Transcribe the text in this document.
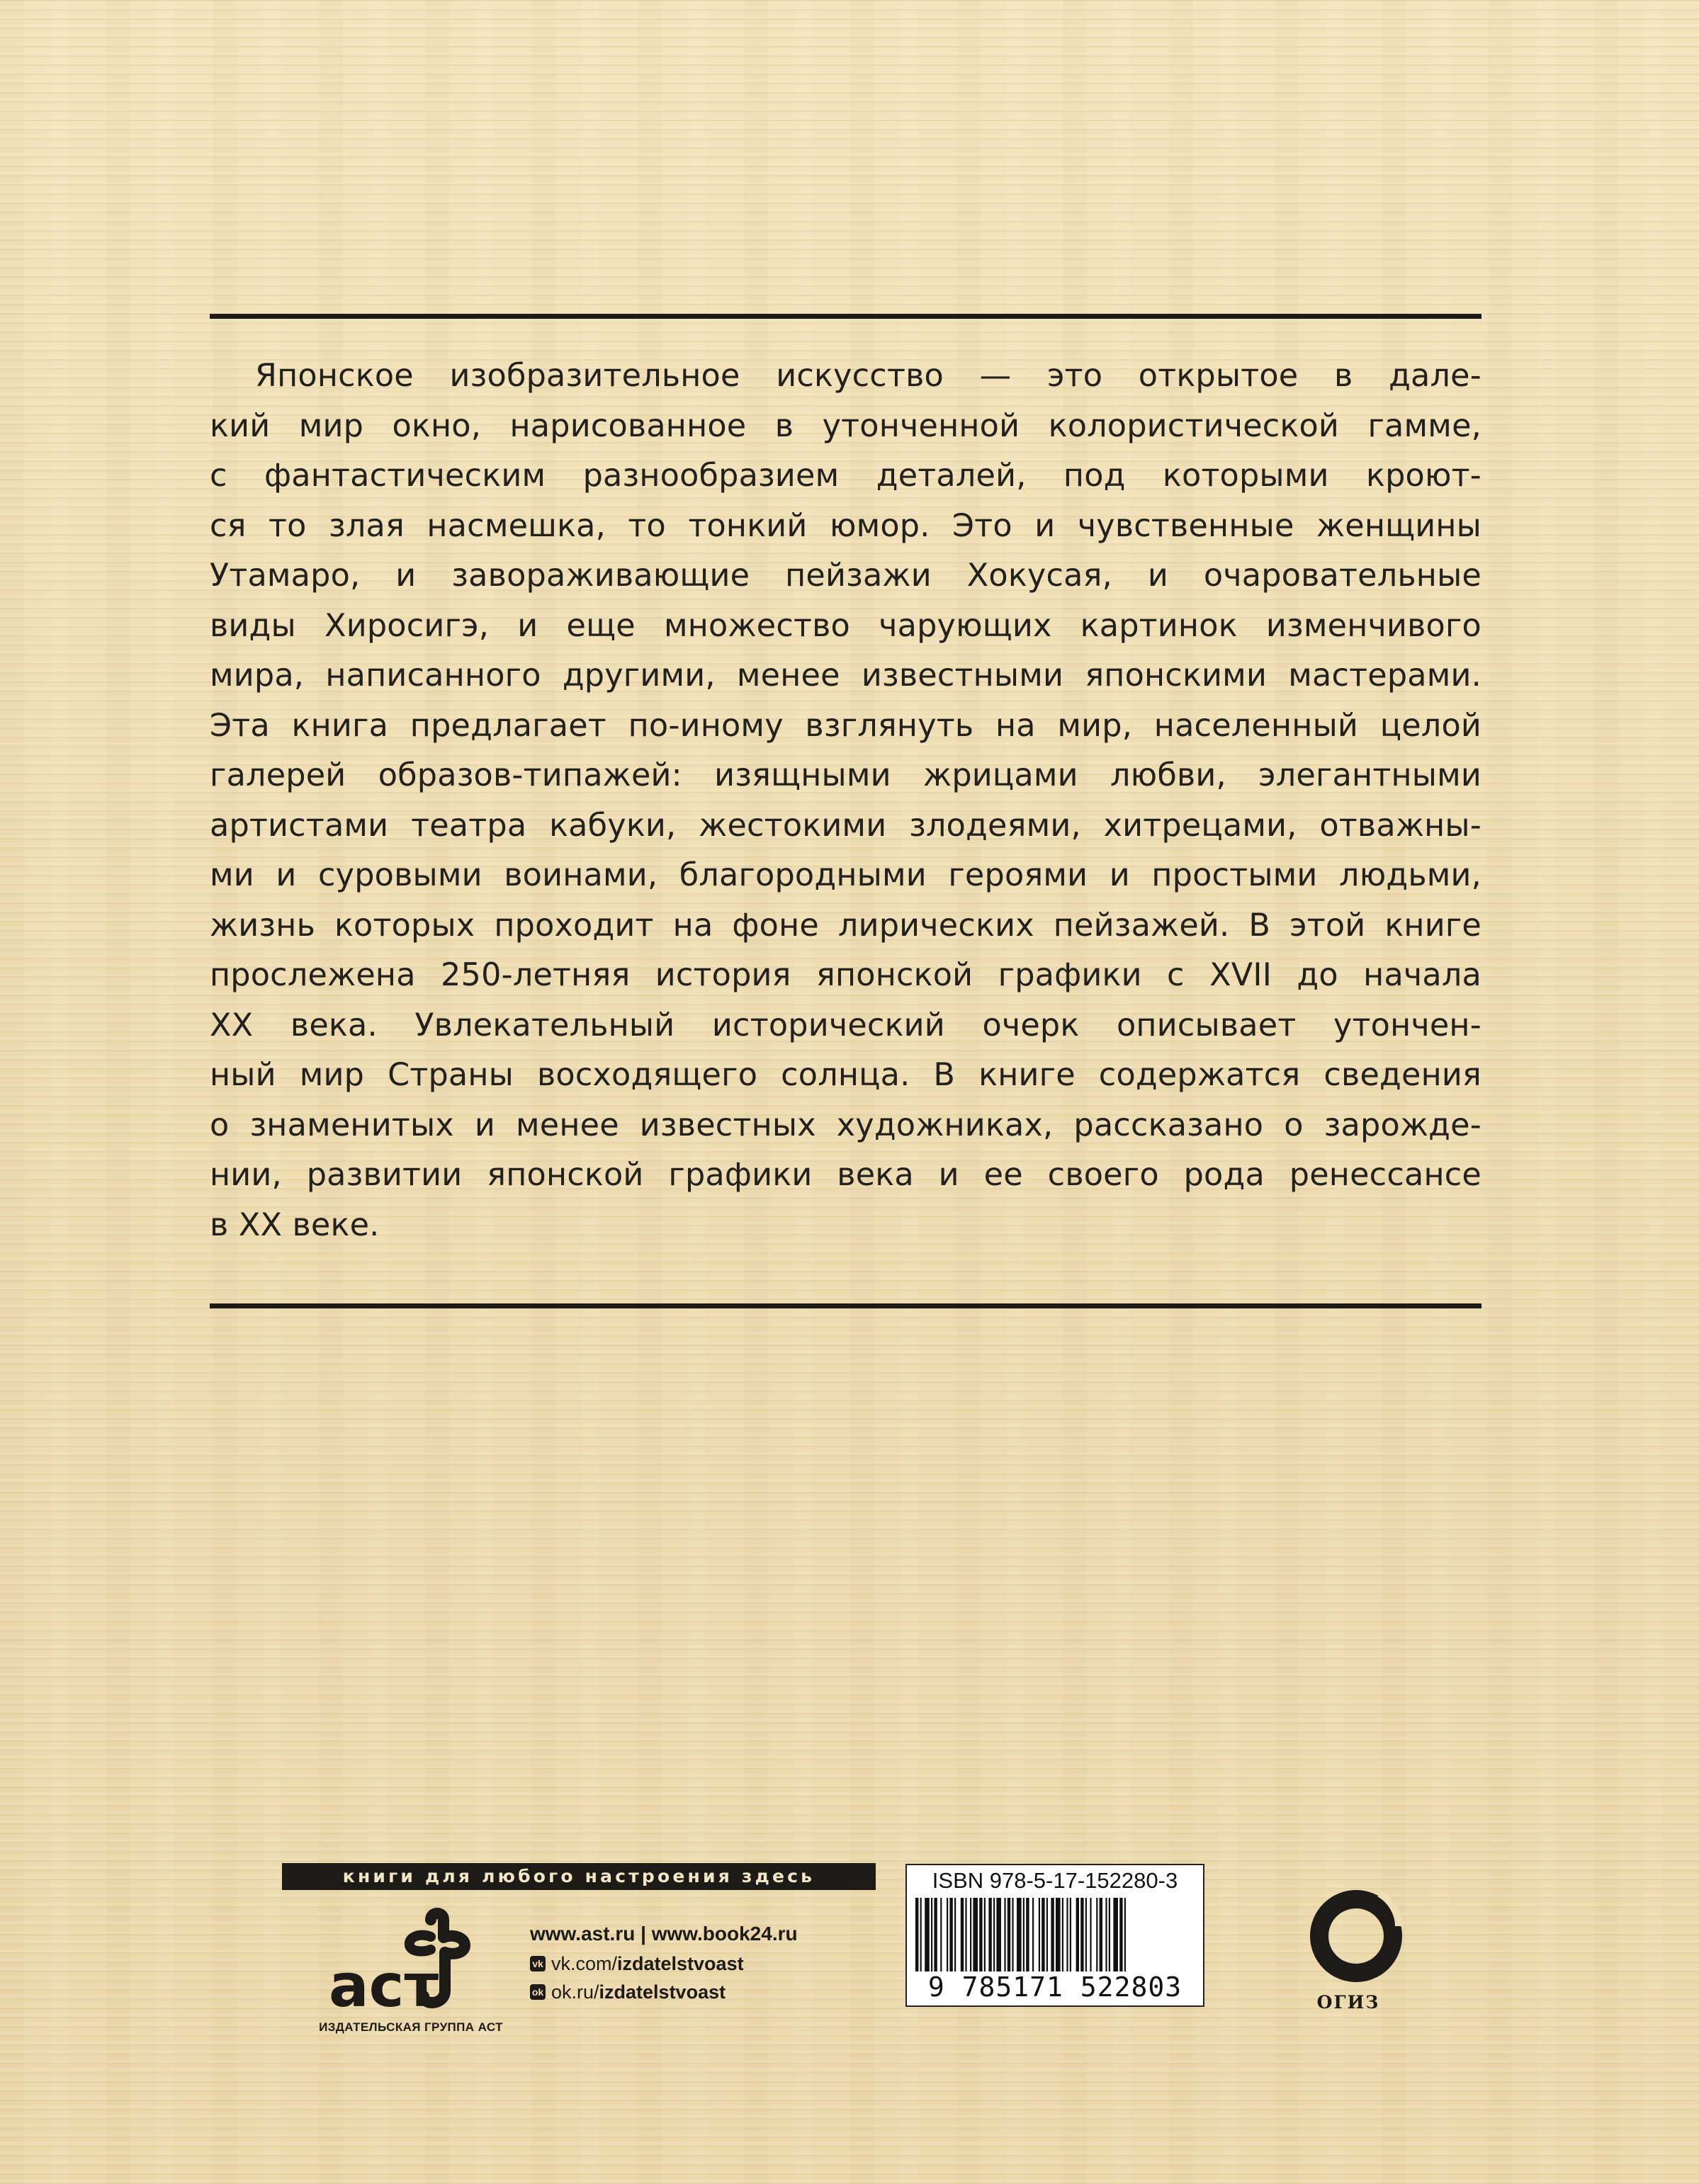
Японское изобразительное искусство — это открытое в дале-
кий мир окно, нарисованное в утонченной колористической гамме,
с фантастическим разнообразием деталей, под которыми кроют-
ся то злая насмешка, то тонкий юмор. Это и чувственные женщины
Утамаро, и завораживающие пейзажи Хокусая, и очаровательные
виды Хиросигэ, и еще множество чарующих картинок изменчивого
мира, написанного другими, менее известными японскими мастерами.
Эта книга предлагает по-иному взглянуть на мир, населенный целой
галерей образов-типажей: изящными жрицами любви, элегантными
артистами театра кабуки, жестокими злодеями, хитрецами, отважны-
ми и суровыми воинами, благородными героями и простыми людьми,
жизнь которых проходит на фоне лирических пейзажей. В этой книге
прослежена 250-летняя история японской графики с XVII до начала
XX века. Увлекательный исторический очерк описывает утончен-
ный мир Страны восходящего солнца. В книге содержатся сведения
о знаменитых и менее известных художниках, рассказано о зарожде-
нии, развитии японской графики века и ее своего рода ренессансе
в XX веке.
книги для любого настроения здесь
аст
ИЗДАТЕЛЬСКАЯ ГРУППА АСТ
www.ast.ru | www.book24.ru
vk vk.com/ izdatelstvoast
ok ok.ru/ izdatelstvoast
ISBN 978-5-17-152280-3
9 785171 522803	ОГИЗ
